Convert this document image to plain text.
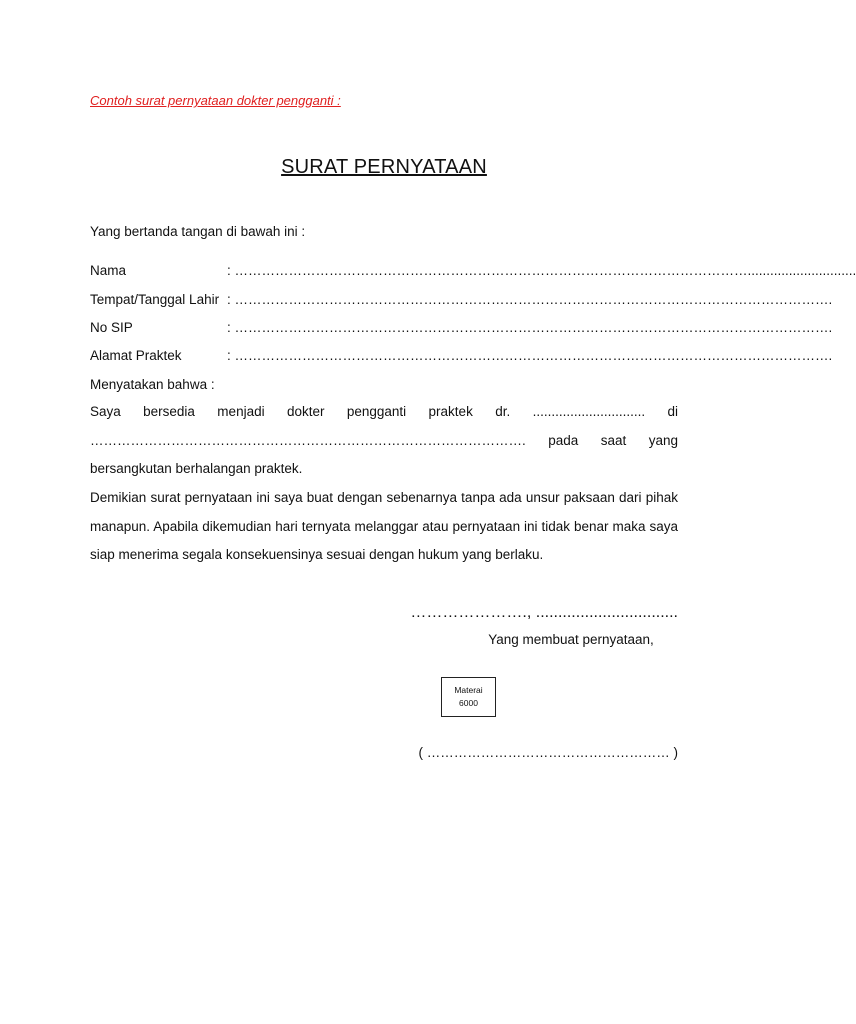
Contoh surat pernyataan dokter pengganti :
SURAT PERNYATAAN
Yang bertanda tangan di bawah ini :
Nama	: …………………………………………………………………………………………………….............................
Tempat/Tanggal Lahir : …………………………………………………………………………………………………………………….
No SIP	: …………………………………………………………………………………………………………………….
Alamat Praktek	: …………………………………………………………………………………………………………………….
Menyatakan bahwa :
Saya bersedia menjadi dokter pengganti praktek dr. .............................. di ……………………………………………………………………………………. pada saat yang bersangkutan berhalangan praktek.
Demikian surat pernyataan ini saya buat dengan sebenarnya tanpa ada unsur paksaan dari pihak manapun. Apabila dikemudian hari ternyata melanggar atau pernyataan ini tidak benar maka saya siap menerima segala konsekuensinya sesuai dengan hukum yang berlaku.
…………………., ................................
Yang membuat pernyataan,
Materai
6000
( ……………………………………………… )
